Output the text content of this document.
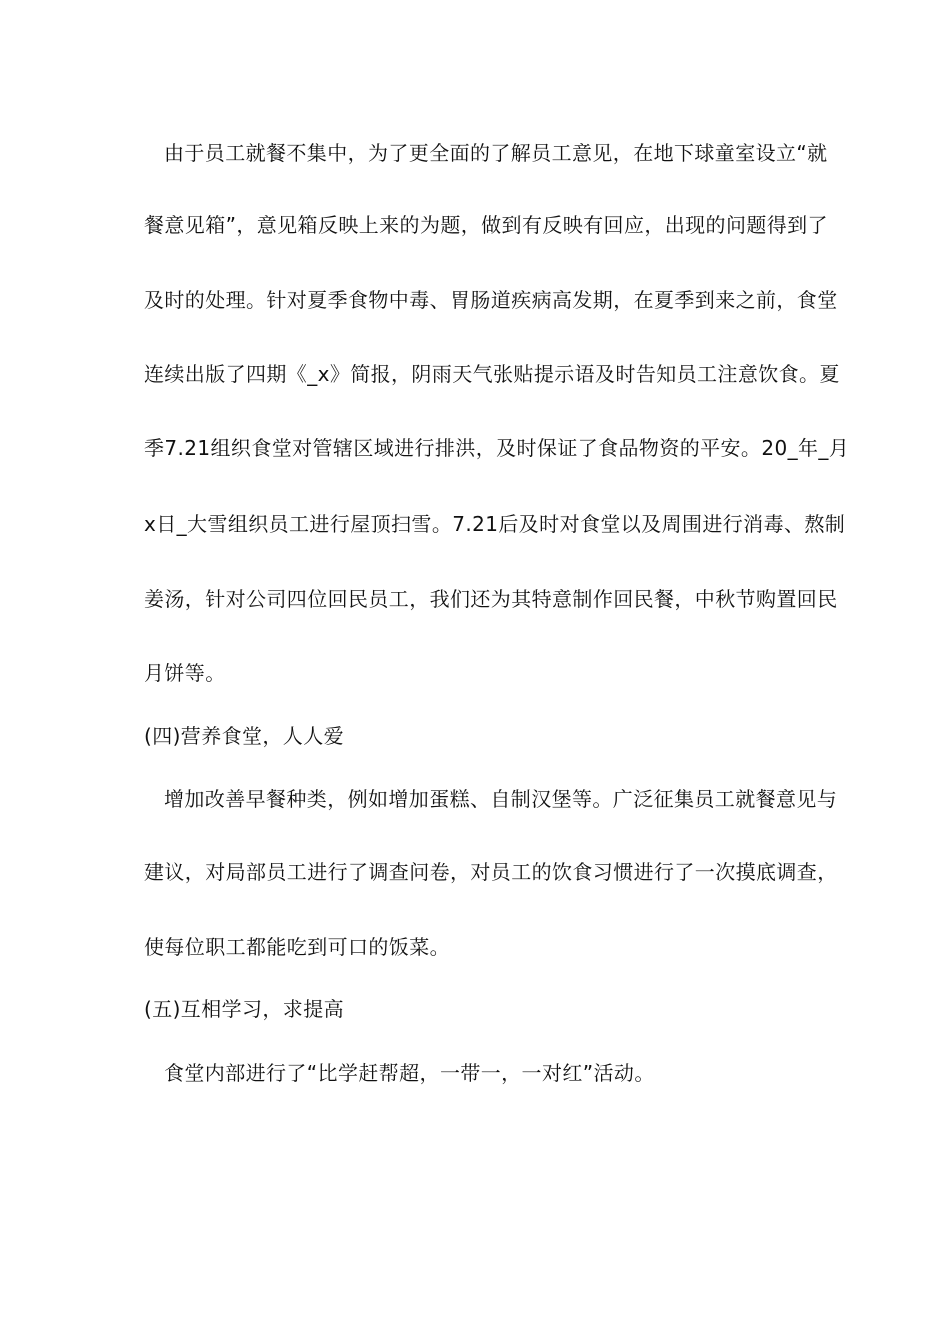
由于员工就餐不集中，为了更全面的了解员工意见，在地下球童室设立“就
餐意见箱”，意见箱反映上来的为题，做到有反映有回应，出现的问题得到了
及时的处理。针对夏季食物中毒、胃肠道疾病高发期，在夏季到来之前，食堂
连续出版了四期《_x》简报，阴雨天气张贴提示语及时告知员工注意饮食。夏
季7.21组织食堂对管辖区域进行排洪，及时保证了食品物资的平安。20_年_月
x日_大雪组织员工进行屋顶扫雪。7.21后及时对食堂以及周围进行消毒、熬制
姜汤，针对公司四位回民员工，我们还为其特意制作回民餐，中秋节购置回民
月饼等。
(四)营养食堂，人人爱
增加改善早餐种类，例如增加蛋糕、自制汉堡等。广泛征集员工就餐意见与
建议，对局部员工进行了调查问卷，对员工的饮食习惯进行了一次摸底调查，
使每位职工都能吃到可口的饭菜。
(五)互相学习，求提高
食堂内部进行了“比学赶帮超，一带一，一对红”活动。
